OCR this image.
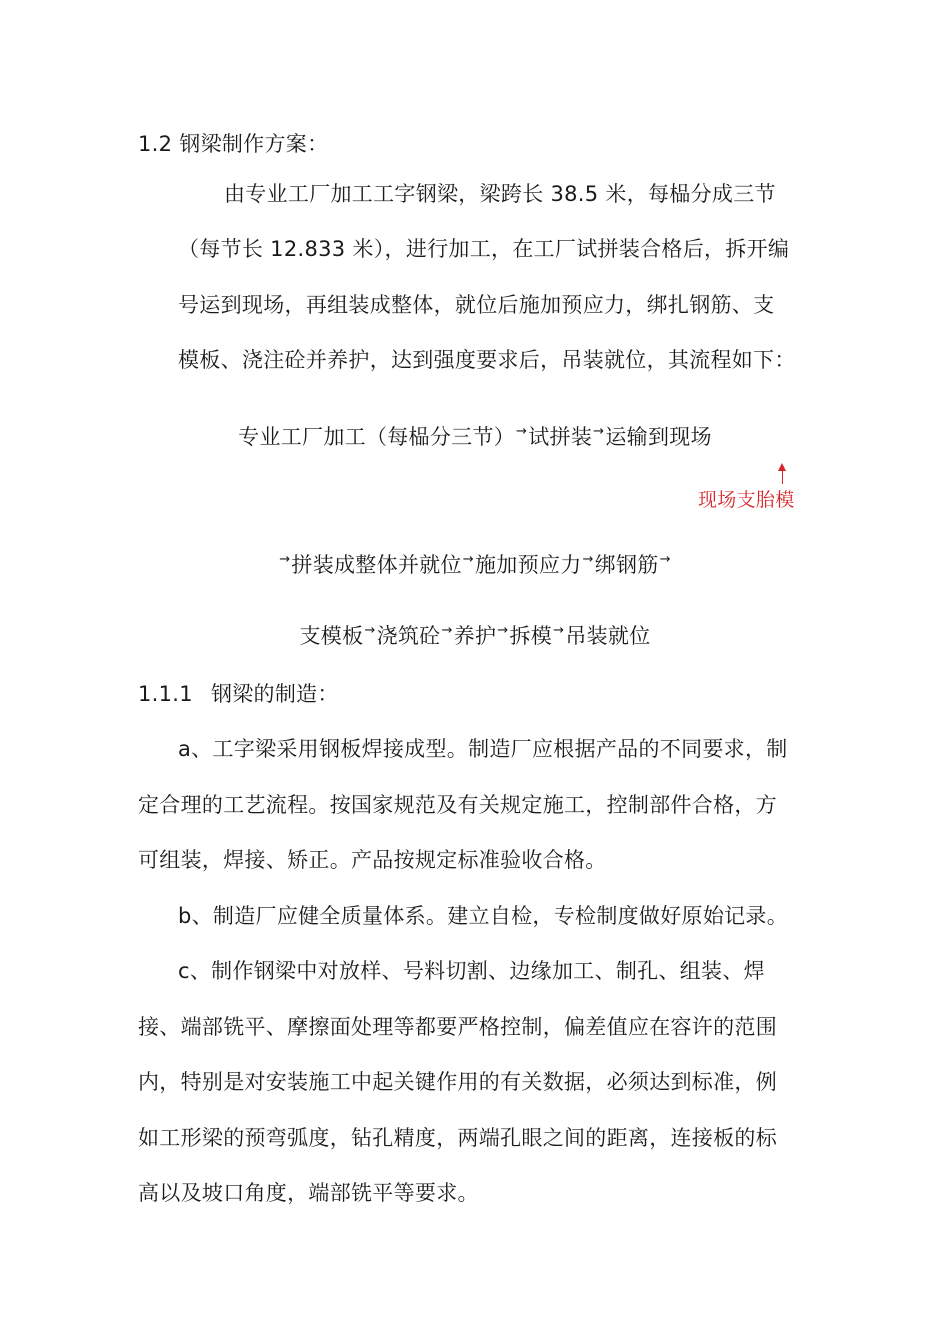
1.2 钢梁制作方案：
由专业工厂加工工字钢梁，梁跨长 38.5 米，每榀分成三节
（每节长 12.833 米），进行加工，在工厂试拼装合格后，拆开编
号运到现场，再组装成整体，就位后施加预应力，绑扎钢筋、支
模板、浇注砼并养护，达到强度要求后，吊装就位，其流程如下：
专业工厂加工（每榀分三节）→试拼装→运输到现场
现场支胎模
→拼装成整体并就位→施加预应力→绑钢筋→
支模板→浇筑砼→养护→拆模→吊装就位
1.1.1 钢梁的制造：
a、工字梁采用钢板焊接成型。制造厂应根据产品的不同要求，制
定合理的工艺流程。按国家规范及有关规定施工，控制部件合格，方
可组装，焊接、矫正。产品按规定标准验收合格。
b、制造厂应健全质量体系。建立自检，专检制度做好原始记录。
c、制作钢梁中对放样、号料切割、边缘加工、制孔、组装、焊
接、端部铣平、摩擦面处理等都要严格控制，偏差值应在容许的范围
内，特别是对安装施工中起关键作用的有关数据，必须达到标准，例
如工形梁的预弯弧度，钻孔精度，两端孔眼之间的距离，连接板的标
高以及坡口角度，端部铣平等要求。
